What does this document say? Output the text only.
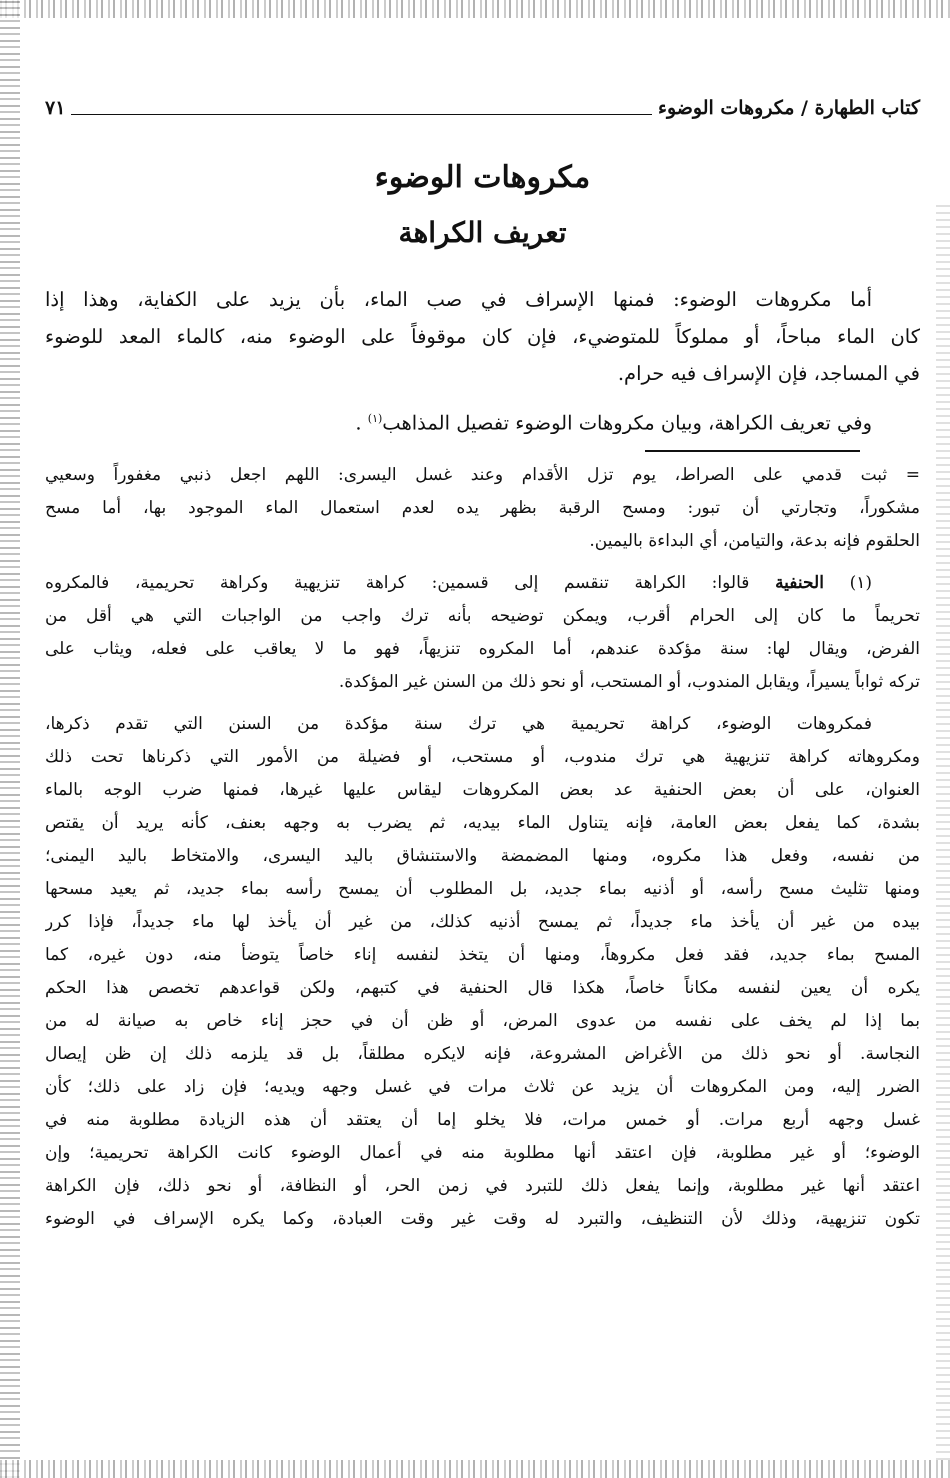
كتاب الطهارة / مكروهات الوضوء
٧١
مكروهات الوضوء
تعريف الكراهة
أما مكروهات الوضوء: فمنها الإسراف في صب الماء، بأن يزيد على الكفاية، وهذا إذا
كان الماء مباحاً، أو مملوكاً للمتوضيء، فإن كان موقوفاً على الوضوء منه، كالماء المعد للوضوء
في المساجد، فإن الإسراف فيه حرام.
وفي تعريف الكراهة، وبيان مكروهات الوضوء تفصيل المذاهب$^{(١)}$ .
= ثبت قدمي على الصراط، يوم تزل الأقدام وعند غسل اليسرى: اللهم اجعل ذنبي مغفوراً وسعيي
مشكوراً، وتجارتي أن تبور: ومسح الرقبة بظهر يده لعدم استعمال الماء الموجود بها، أما مسح
الحلقوم فإنه بدعة، والتيامن، أي البداءة باليمين.
(١) الحنفية قالوا: الكراهة تنقسم إلى قسمين: كراهة تنزيهية وكراهة تحريمية، فالمكروه
تحريماً ما كان إلى الحرام أقرب، ويمكن توضيحه بأنه ترك واجب من الواجبات التي هي أقل من
الفرض، ويقال لها: سنة مؤكدة عندهم، أما المكروه تنزيهاً، فهو ما لا يعاقب على فعله، ويثاب على
تركه ثواباً يسيراً، ويقابل المندوب، أو المستحب، أو نحو ذلك من السنن غير المؤكدة.
فمكروهات الوضوء، كراهة تحريمية هي ترك سنة مؤكدة من السنن التي تقدم ذكرها،
ومكروهاته كراهة تنزيهية هي ترك مندوب، أو مستحب، أو فضيلة من الأمور التي ذكرناها تحت ذلك
العنوان، على أن بعض الحنفية عد بعض المكروهات ليقاس عليها غيرها، فمنها ضرب الوجه بالماء
بشدة، كما يفعل بعض العامة، فإنه يتناول الماء بيديه، ثم يضرب به وجهه بعنف، كأنه يريد أن يقتص
من نفسه، وفعل هذا مكروه، ومنها المضمضة والاستنشاق باليد اليسرى، والامتخاط باليد اليمنى؛
ومنها تثليث مسح رأسه، أو أذنيه بماء جديد، بل المطلوب أن يمسح رأسه بماء جديد، ثم يعيد مسحها
بيده من غير أن يأخذ ماء جديداً، ثم يمسح أذنيه كذلك، من غير أن يأخذ لها ماء جديداً، فإذا كرر
المسح بماء جديد، فقد فعل مكروهاً، ومنها أن يتخذ لنفسه إناء خاصاً يتوضأ منه، دون غيره، كما
يكره أن يعين لنفسه مكاناً خاصاً، هكذا قال الحنفية في كتبهم، ولكن قواعدهم تخصص هذا الحكم
بما إذا لم يخف على نفسه من عدوى المرض، أو ظن أن في حجز إناء خاص به صيانة له من
النجاسة. أو نحو ذلك من الأغراض المشروعة، فإنه لايكره مطلقاً، بل قد يلزمه ذلك إن ظن إيصال
الضرر إليه، ومن المكروهات أن يزيد عن ثلاث مرات في غسل وجهه ويديه؛ فإن زاد على ذلك؛ كأن
غسل وجهه أربع مرات. أو خمس مرات، فلا يخلو إما أن يعتقد أن هذه الزيادة مطلوبة منه في
الوضوء؛ أو غير مطلوبة، فإن اعتقد أنها مطلوبة منه في أعمال الوضوء كانت الكراهة تحريمية؛ وإن
اعتقد أنها غير مطلوبة، وإنما يفعل ذلك للتبرد في زمن الحر، أو النظافة، أو نحو ذلك، فإن الكراهة
تكون تنزيهية، وذلك لأن التنظيف، والتبرد له وقت غير وقت العبادة، وكما يكره الإسراف في الوضوء
